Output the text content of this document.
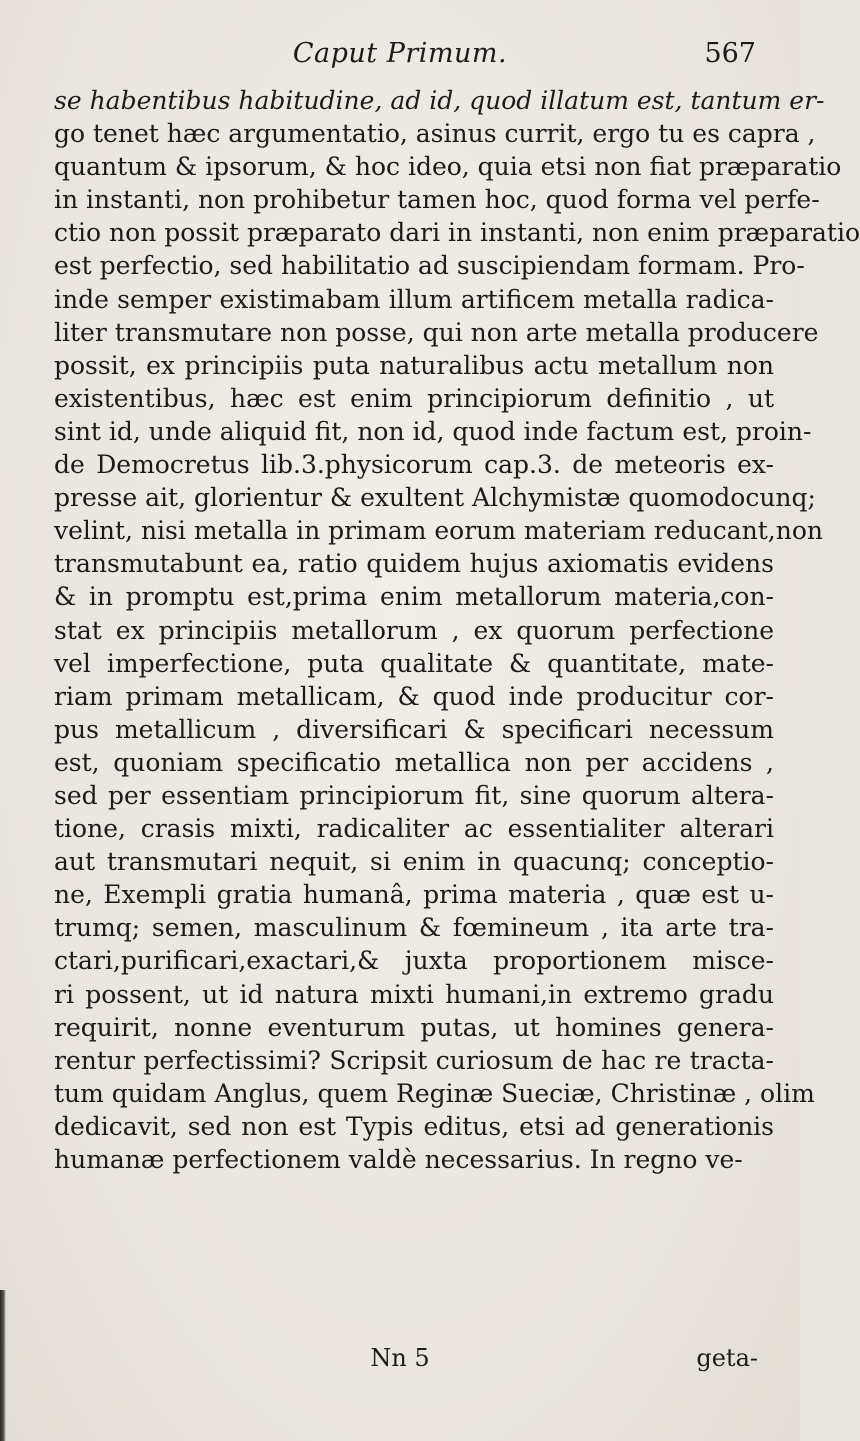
Caput Primum.	567
se habentibus habitudine, ad id, quod illatum est, tantum er-
go tenet hæc argumentatio, asinus currit, ergo tu es capra ,
quantum & ipsorum, & hoc ideo, quia etsi non fiat præparatio
in instanti, non prohibetur tamen hoc, quod forma vel perfe-
ctio non possit præparato dari in instanti, non enim præparatio
est perfectio, sed habilitatio ad suscipiendam formam. Pro-
inde semper existimabam illum artificem metalla radica-
liter transmutare non posse, qui non arte metalla producere
possit, ex principiis puta naturalibus actu metallum non
existentibus, hæc est enim principiorum definitio , ut
sint id, unde aliquid fit, non id, quod inde factum est, proin-
de Democretus lib.3.physicorum cap.3. de meteoris ex-
presse ait, glorientur & exultent Alchymistæ quomodocunq;
velint, nisi metalla in primam eorum materiam reducant,non
transmutabunt ea, ratio quidem hujus axiomatis evidens
& in promptu est,prima enim metallorum materia,con-
stat ex principiis metallorum , ex quorum perfectione
vel imperfectione, puta qualitate & quantitate, mate-
riam primam metallicam, & quod inde producitur cor-
pus metallicum , diversificari & specificari necessum
est, quoniam specificatio metallica non per accidens ,
sed per essentiam principiorum fit, sine quorum altera-
tione, crasis mixti, radicaliter ac essentialiter alterari
aut transmutari nequit, si enim in quacunq; conceptio-
ne, Exempli gratia humanâ, prima materia , quæ est u-
trumq; semen, masculinum & fœmineum , ita arte tra-
ctari,purificari,exactari,& juxta proportionem misce-
ri possent, ut id natura mixti humani,in extremo gradu
requirit, nonne eventurum putas, ut homines genera-
rentur perfectissimi? Scripsit curiosum de hac re tracta-
tum quidam Anglus, quem Reginæ Sueciæ, Christinæ , olim
dedicavit, sed non est Typis editus, etsi ad generationis
humanæ perfectionem valdè necessarius. In regno ve-
Nn 5	geta-
